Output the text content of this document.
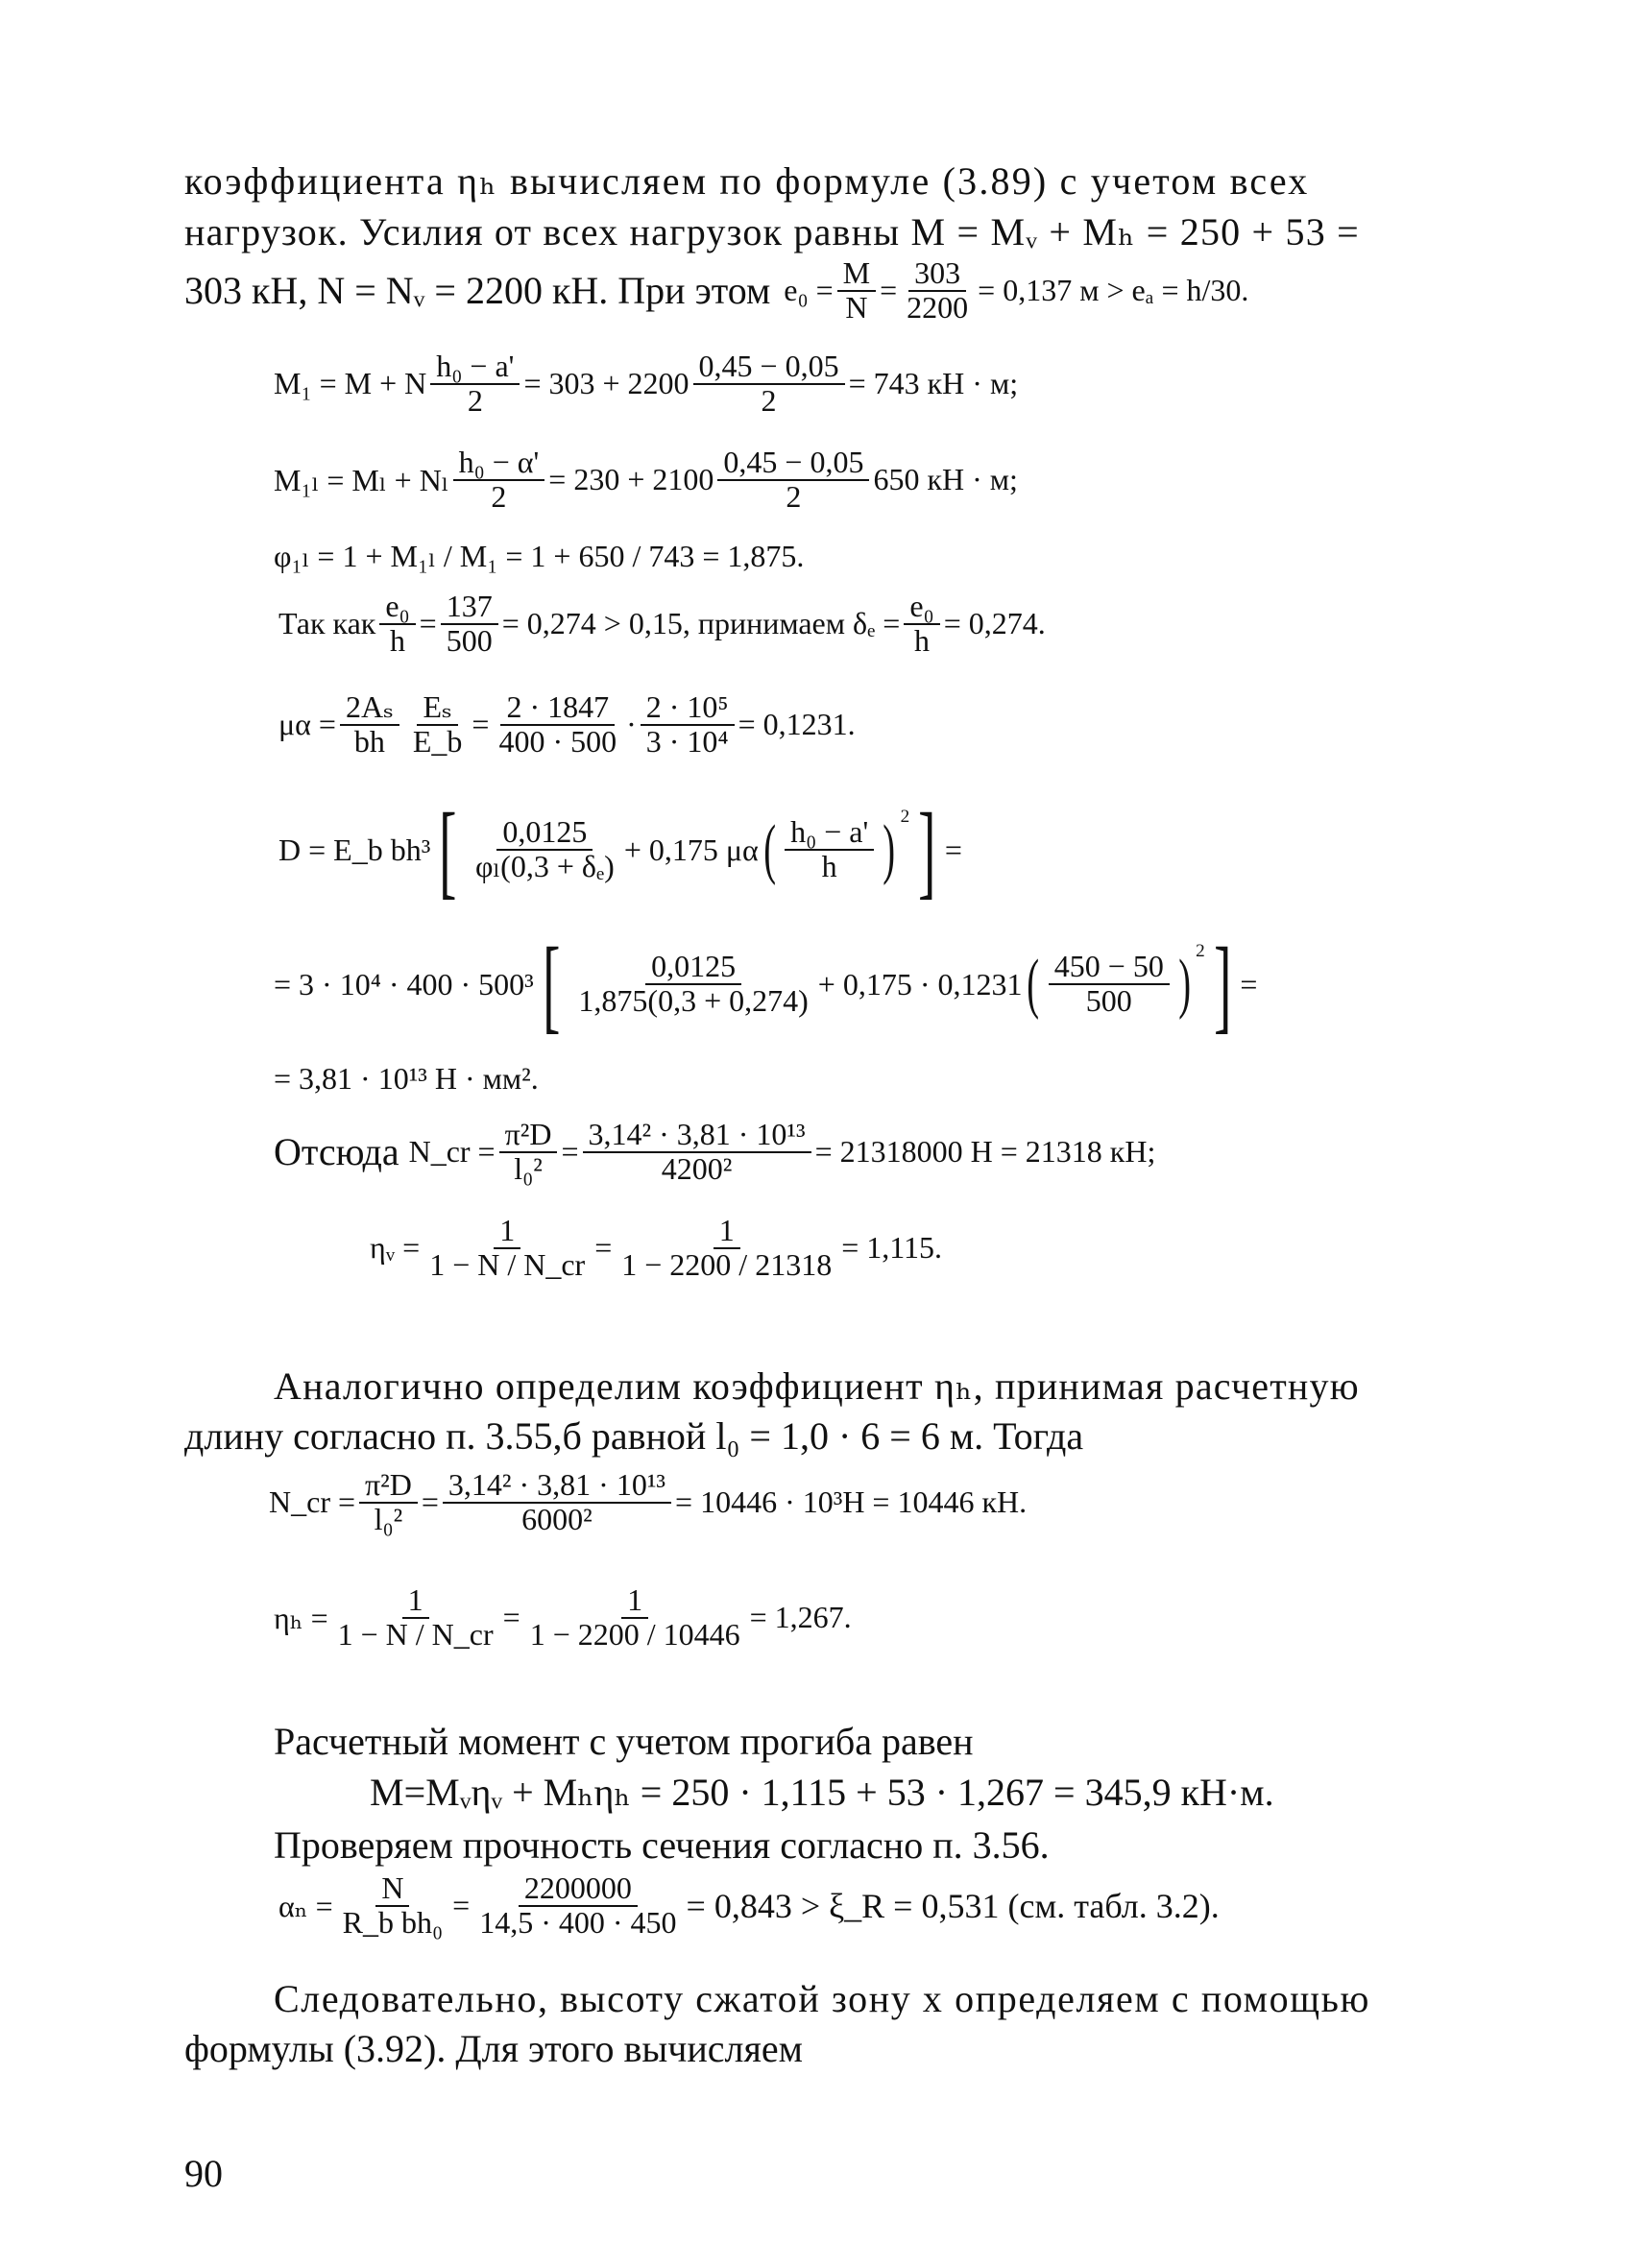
коэффициента ηₕ вычисляем по формуле (3.89) с учетом всех
нагрузок. Усилия от всех нагрузок равны M = Mᵥ + Mₕ = 250 + 53 =
303 кН, N = Nᵥ = 2200 кН. При этом $e_0 = \frac{M}{N} = \frac{303}{2200} = 0,137$ м > eₐ = h/30.
M₁ = M + N $\frac{\text{h₀ − a'}}{2} = 303 + 2200 \frac{0,45 - 0,05}{2} = 743$ кН · м;
M₁ₗ = Mₗ + Nₗ $\frac{\text{h₀ − α'}}{2} = 230 + 2100 \frac{0,45 - 0,05}{2} 650$ кН · м;
φ₁ₗ = 1 + M₁ₗ / M₁ = 1 + 650 / 743 = 1,875.
Так как $\frac{\text{e₀}}{h} = \frac{137}{500} = 0,274 > 0,15$, принимаем $\delta_e = \frac{\text{e₀}}{h} = 0,274$.
$\mu\alpha = \frac{\text{2Aₛ}}{bh} \frac{\text{Eₛ}}{E\_b} = \frac{2 \cdot 1847}{400 \cdot 500} \cdot \frac{\text{2 · 10⁵}}{\text{3 · 10⁴}} = 0,1231$.
D = E_b bh³ [ $\frac{0,0125}{\text{φₗ(0,3 + δₑ)}} + 0,175$ μα ( $\frac{\text{h₀ − a'}}{h}$ ) $^2$ ] =
= 3 · 10⁴ · 400 · 500³ [ $\frac{0,0125}{1,875(0,3 + 0,274)} + 0,175 \cdot 0,1231$ ( $\frac{450 - 50}{500}$ ) $^2$ ] =
= 3,81 · 10¹³ Н · мм².
Отсюда N_cr = $\frac{\text{π²D}}{\text{l₀²}} = \frac{\text{3,14² · 3,81 · 10¹³}}{\text{4200²}} = 21318000$ Н = 21318 кН;
ηᵥ = $\frac{1}{1 - N / N\_cr} = \frac{1}{1 - 2200 / 21318} = 1,115$.
Аналогично определим коэффициент ηₕ, принимая расчетную
длину согласно п. 3.55,б равной l₀ = 1,0 · 6 = 6 м. Тогда
N_cr = $\frac{\text{π²D}}{\text{l₀²}} = \frac{\text{3,14² · 3,81 · 10¹³}}{\text{6000²}} = 10446 \cdot 10^3Н = 10446$ кН.
$\eta_h = \frac{1}{1 - N / N\_cr} = \frac{1}{1 - 2200 / 10446} = 1,267$.
Расчетный момент с учетом прогиба равен
M=Mᵥηᵥ + Mₕηₕ = 250 · 1,115 + 53 · 1,267 = 345,9 кН·м.
Проверяем прочность сечения согласно п. 3.56.
$\alpha_n = \frac{N}{\text{R\_b bh₀}} = \frac{2200000}{14,5 \cdot 400 \cdot 450} = 0,843$ > ξ_R = 0,531 (см. табл. 3.2).
Следовательно, высоту сжатой зону x определяем с помощью
формулы (3.92). Для этого вычисляем
90
